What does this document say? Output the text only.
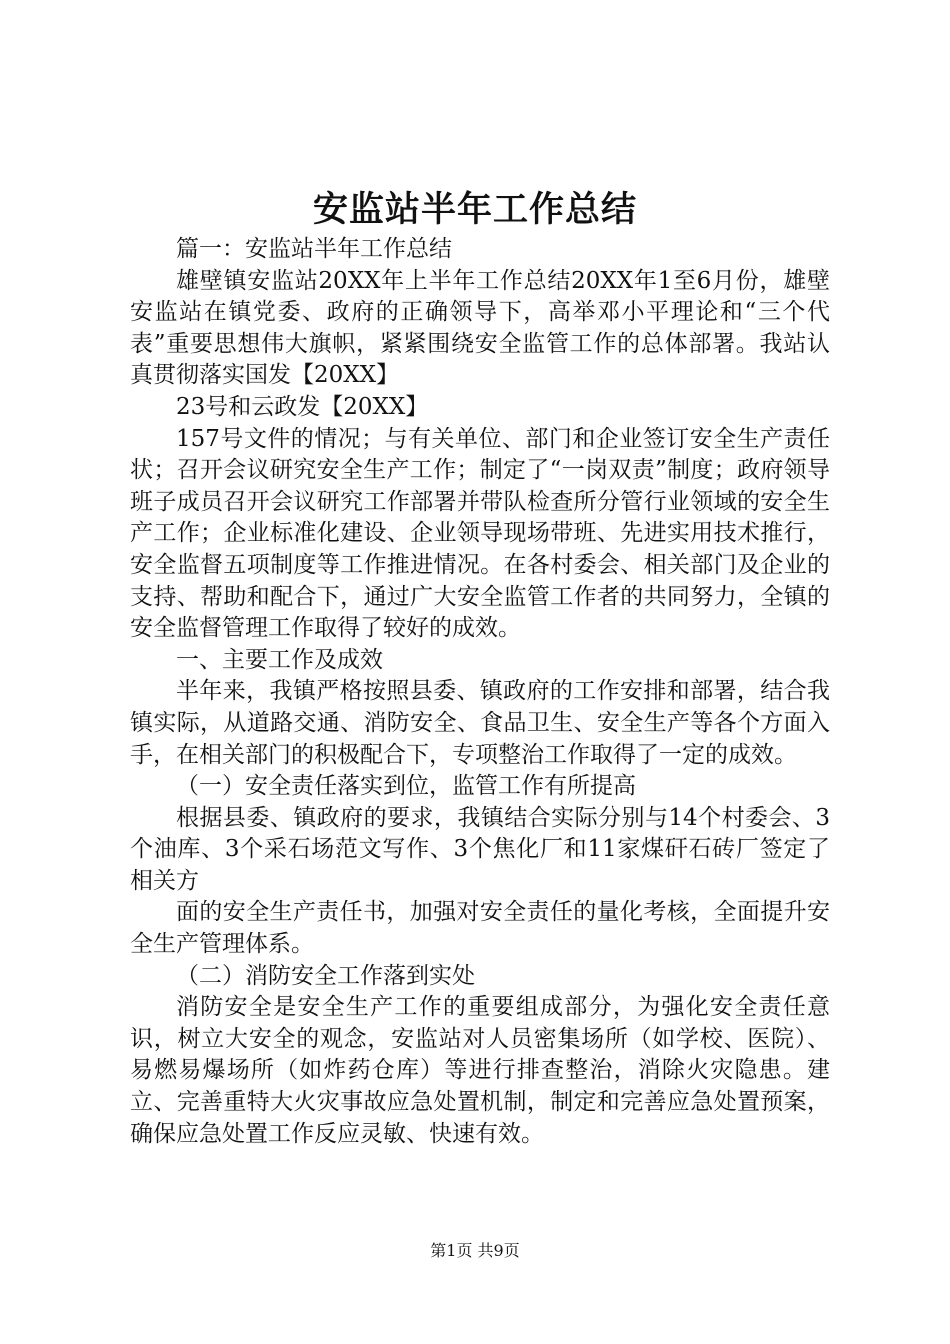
安监站半年工作总结

篇一：安监站半年工作总结

雄壁镇安监站20XX年上半年工作总结20XX年1至6月份，雄壁安监站在镇党委、政府的正确领导下，高举邓小平理论和“三个代表”重要思想伟大旗帜，紧紧围绕安全监管工作的总体部署。我站认真贯彻落实国发【20XX】

23号和云政发【20XX】

157号文件的情况；与有关单位、部门和企业签订安全生产责任状；召开会议研究安全生产工作；制定了“一岗双责”制度；政府领导班子成员召开会议研究工作部署并带队检查所分管行业领域的安全生产工作；企业标准化建设、企业领导现场带班、先进实用技术推行，安全监督五项制度等工作推进情况。在各村委会、相关部门及企业的支持、帮助和配合下，通过广大安全监管工作者的共同努力，全镇的安全监督管理工作取得了较好的成效。

一、主要工作及成效

半年来，我镇严格按照县委、镇政府的工作安排和部署，结合我镇实际，从道路交通、消防安全、食品卫生、安全生产等各个方面入手，在相关部门的积极配合下，专项整治工作取得了一定的成效。

（一）安全责任落实到位，监管工作有所提高

根据县委、镇政府的要求，我镇结合实际分别与14个村委会、3个油库、3个采石场范文写作、3个焦化厂和11家煤矸石砖厂签定了相关方

面的安全生产责任书，加强对安全责任的量化考核，全面提升安全生产管理体系。

（二）消防安全工作落到实处

消防安全是安全生产工作的重要组成部分，为强化安全责任意识，树立大安全的观念，安监站对人员密集场所（如学校、医院）、易燃易爆场所（如炸药仓库）等进行排查整治，消除火灾隐患。建立、完善重特大火灾事故应急处置机制，制定和完善应急处置预案，确保应急处置工作反应灵敏、快速有效。

第1页 共9页
